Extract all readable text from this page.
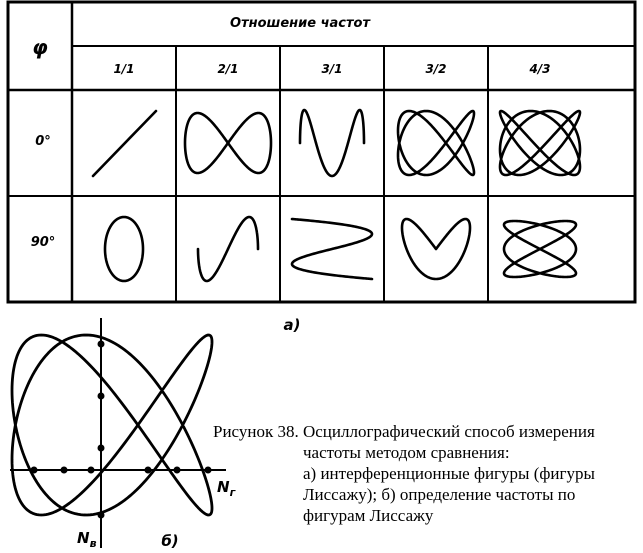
φ
Отношение частот
1/1	2/1	3/1	3/2	4/3
0°
90°
а)
$N_г$
$N_в$	б)
Рисунок 38. Осциллографический способ измерения
частоты методом сравнения:
а) интерференционные фигуры (фигуры
Лиссажу); б) определение частоты по
фигурам Лиссажу
